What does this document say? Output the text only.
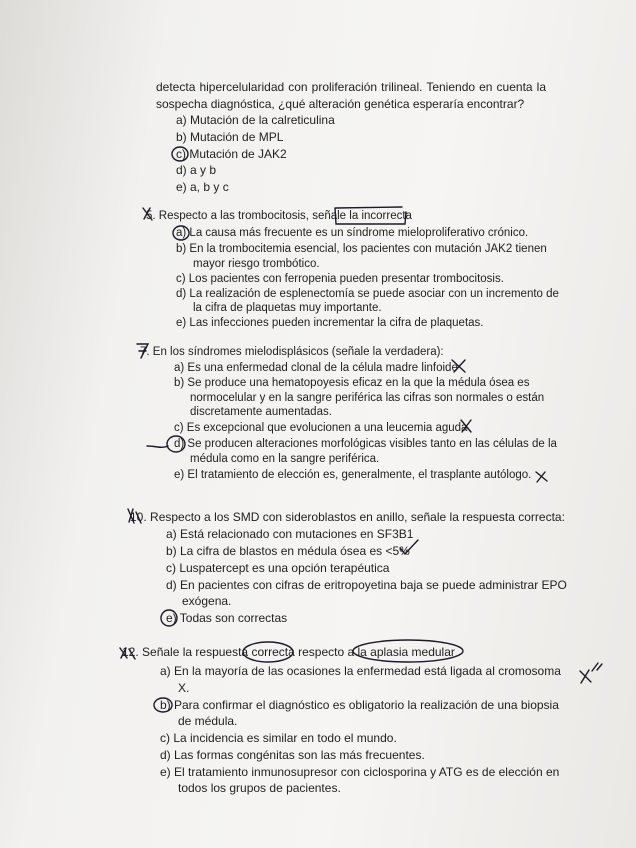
detecta hipercelularidad con proliferación trilineal. Teniendo en cuenta la
sospecha diagnóstica, ¿qué alteración genética esperaría encontrar?
a) Mutación de la calreticulina
b) Mutación de MPL
c) Mutación de JAK2
d) a y b
e) a, b y c
5. Respecto a las trombocitosis, señale la incorrecta
a) La causa más frecuente es un síndrome mieloproliferativo crónico.
b) En la trombocitemia esencial, los pacientes con mutación JAK2 tienen
mayor riesgo trombótico.
c) Los pacientes con ferropenia pueden presentar trombocitosis.
d) La realización de esplenectomía se puede asociar con un incremento de
la cifra de plaquetas muy importante.
e) Las infecciones pueden incrementar la cifra de plaquetas.
7. En los síndromes mielodisplásicos (señale la verdadera):
a) Es una enfermedad clonal de la célula madre linfoide
b) Se produce una hematopoyesis eficaz en la que la médula ósea es
normocelular y en la sangre periférica las cifras son normales o están
discretamente aumentadas.
c) Es excepcional que evolucionen a una leucemia aguda
d) Se producen alteraciones morfológicas visibles tanto en las células de la
médula como en la sangre periférica.
e) El tratamiento de elección es, generalmente, el trasplante autólogo.
10. Respecto a los SMD con sideroblastos en anillo, señale la respuesta correcta:
a) Está relacionado con mutaciones en SF3B1
b) La cifra de blastos en médula ósea es <5%
c) Luspatercept es una opción terapéutica
d) En pacientes con cifras de eritropoyetina baja se puede administrar EPO
exógena.
e) Todas son correctas
12. Señale la respuesta correcta respecto a la aplasia medular
a) En la mayoría de las ocasiones la enfermedad está ligada al cromosoma
X.
b) Para confirmar el diagnóstico es obligatorio la realización de una biopsia
de médula.
c) La incidencia es similar en todo el mundo.
d) Las formas congénitas son las más frecuentes.
e) El tratamiento inmunosupresor con ciclosporina y ATG es de elección en
todos los grupos de pacientes.
